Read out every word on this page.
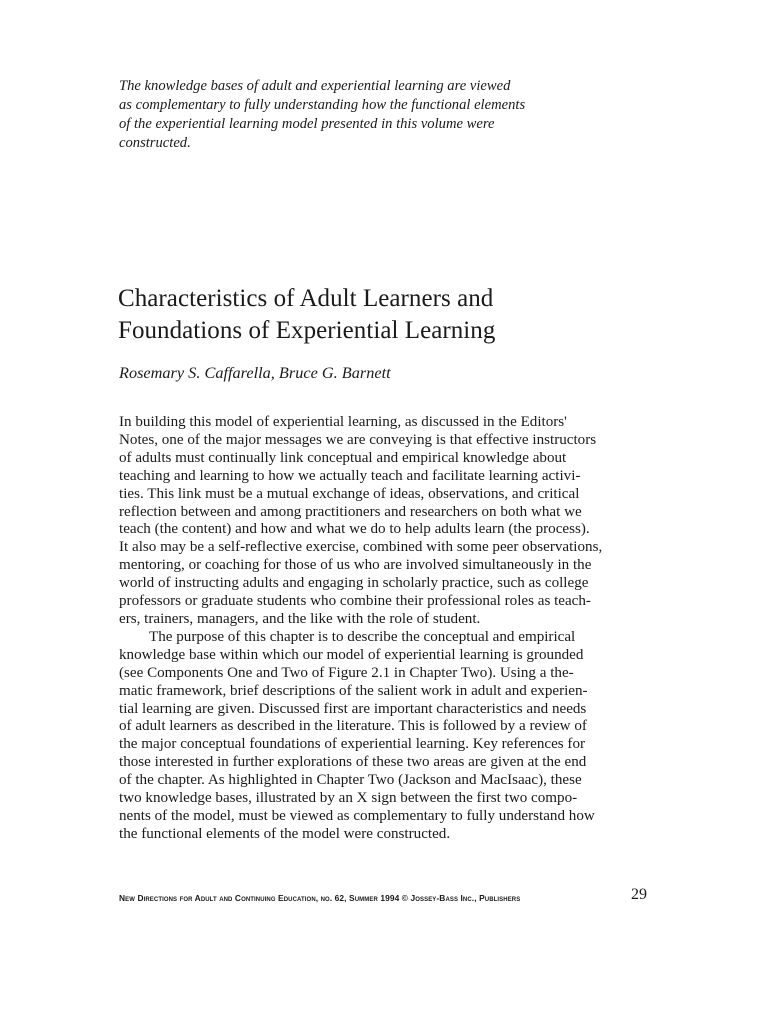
The knowledge bases of adult and experiential learning are viewed
as complementary to fully understanding how the functional elements
of the experiential learning model presented in this volume were
constructed.
Characteristics of Adult Learners and
Foundations of Experiential Learning
Rosemary S. Caffarella, Bruce G. Barnett

In building this model of experiential learning, as discussed in the Editors'
Notes, one of the major messages we are conveying is that effective instructors
of adults must continually link conceptual and empirical knowledge about
teaching and learning to how we actually teach and facilitate learning activi-
ties. This link must be a mutual exchange of ideas, observations, and critical
reflection between and among practitioners and researchers on both what we
teach (the content) and how and what we do to help adults learn (the process).
It also may be a self-reflective exercise, combined with some peer observations,
mentoring, or coaching for those of us who are involved simultaneously in the
world of instructing adults and engaging in scholarly practice, such as college
professors or graduate students who combine their professional roles as teach-
ers, trainers, managers, and the like with the role of student.

The purpose of this chapter is to describe the conceptual and empirical
knowledge base within which our model of experiential learning is grounded
(see Components One and Two of Figure 2.1 in Chapter Two). Using a the-
matic framework, brief descriptions of the salient work in adult and experien-
tial learning are given. Discussed first are important characteristics and needs
of adult learners as described in the literature. This is followed by a review of
the major conceptual foundations of experiential learning. Key references for
those interested in further explorations of these two areas are given at the end
of the chapter. As highlighted in Chapter Two (Jackson and MacIsaac), these
two knowledge bases, illustrated by an X sign between the first two compo-
nents of the model, must be viewed as complementary to fully understand how
the functional elements of the model were constructed.

New Directions for Adult and Continuing Education, no. 62, Summer 1994 © Jossey-Bass Inc., Publishers	29
